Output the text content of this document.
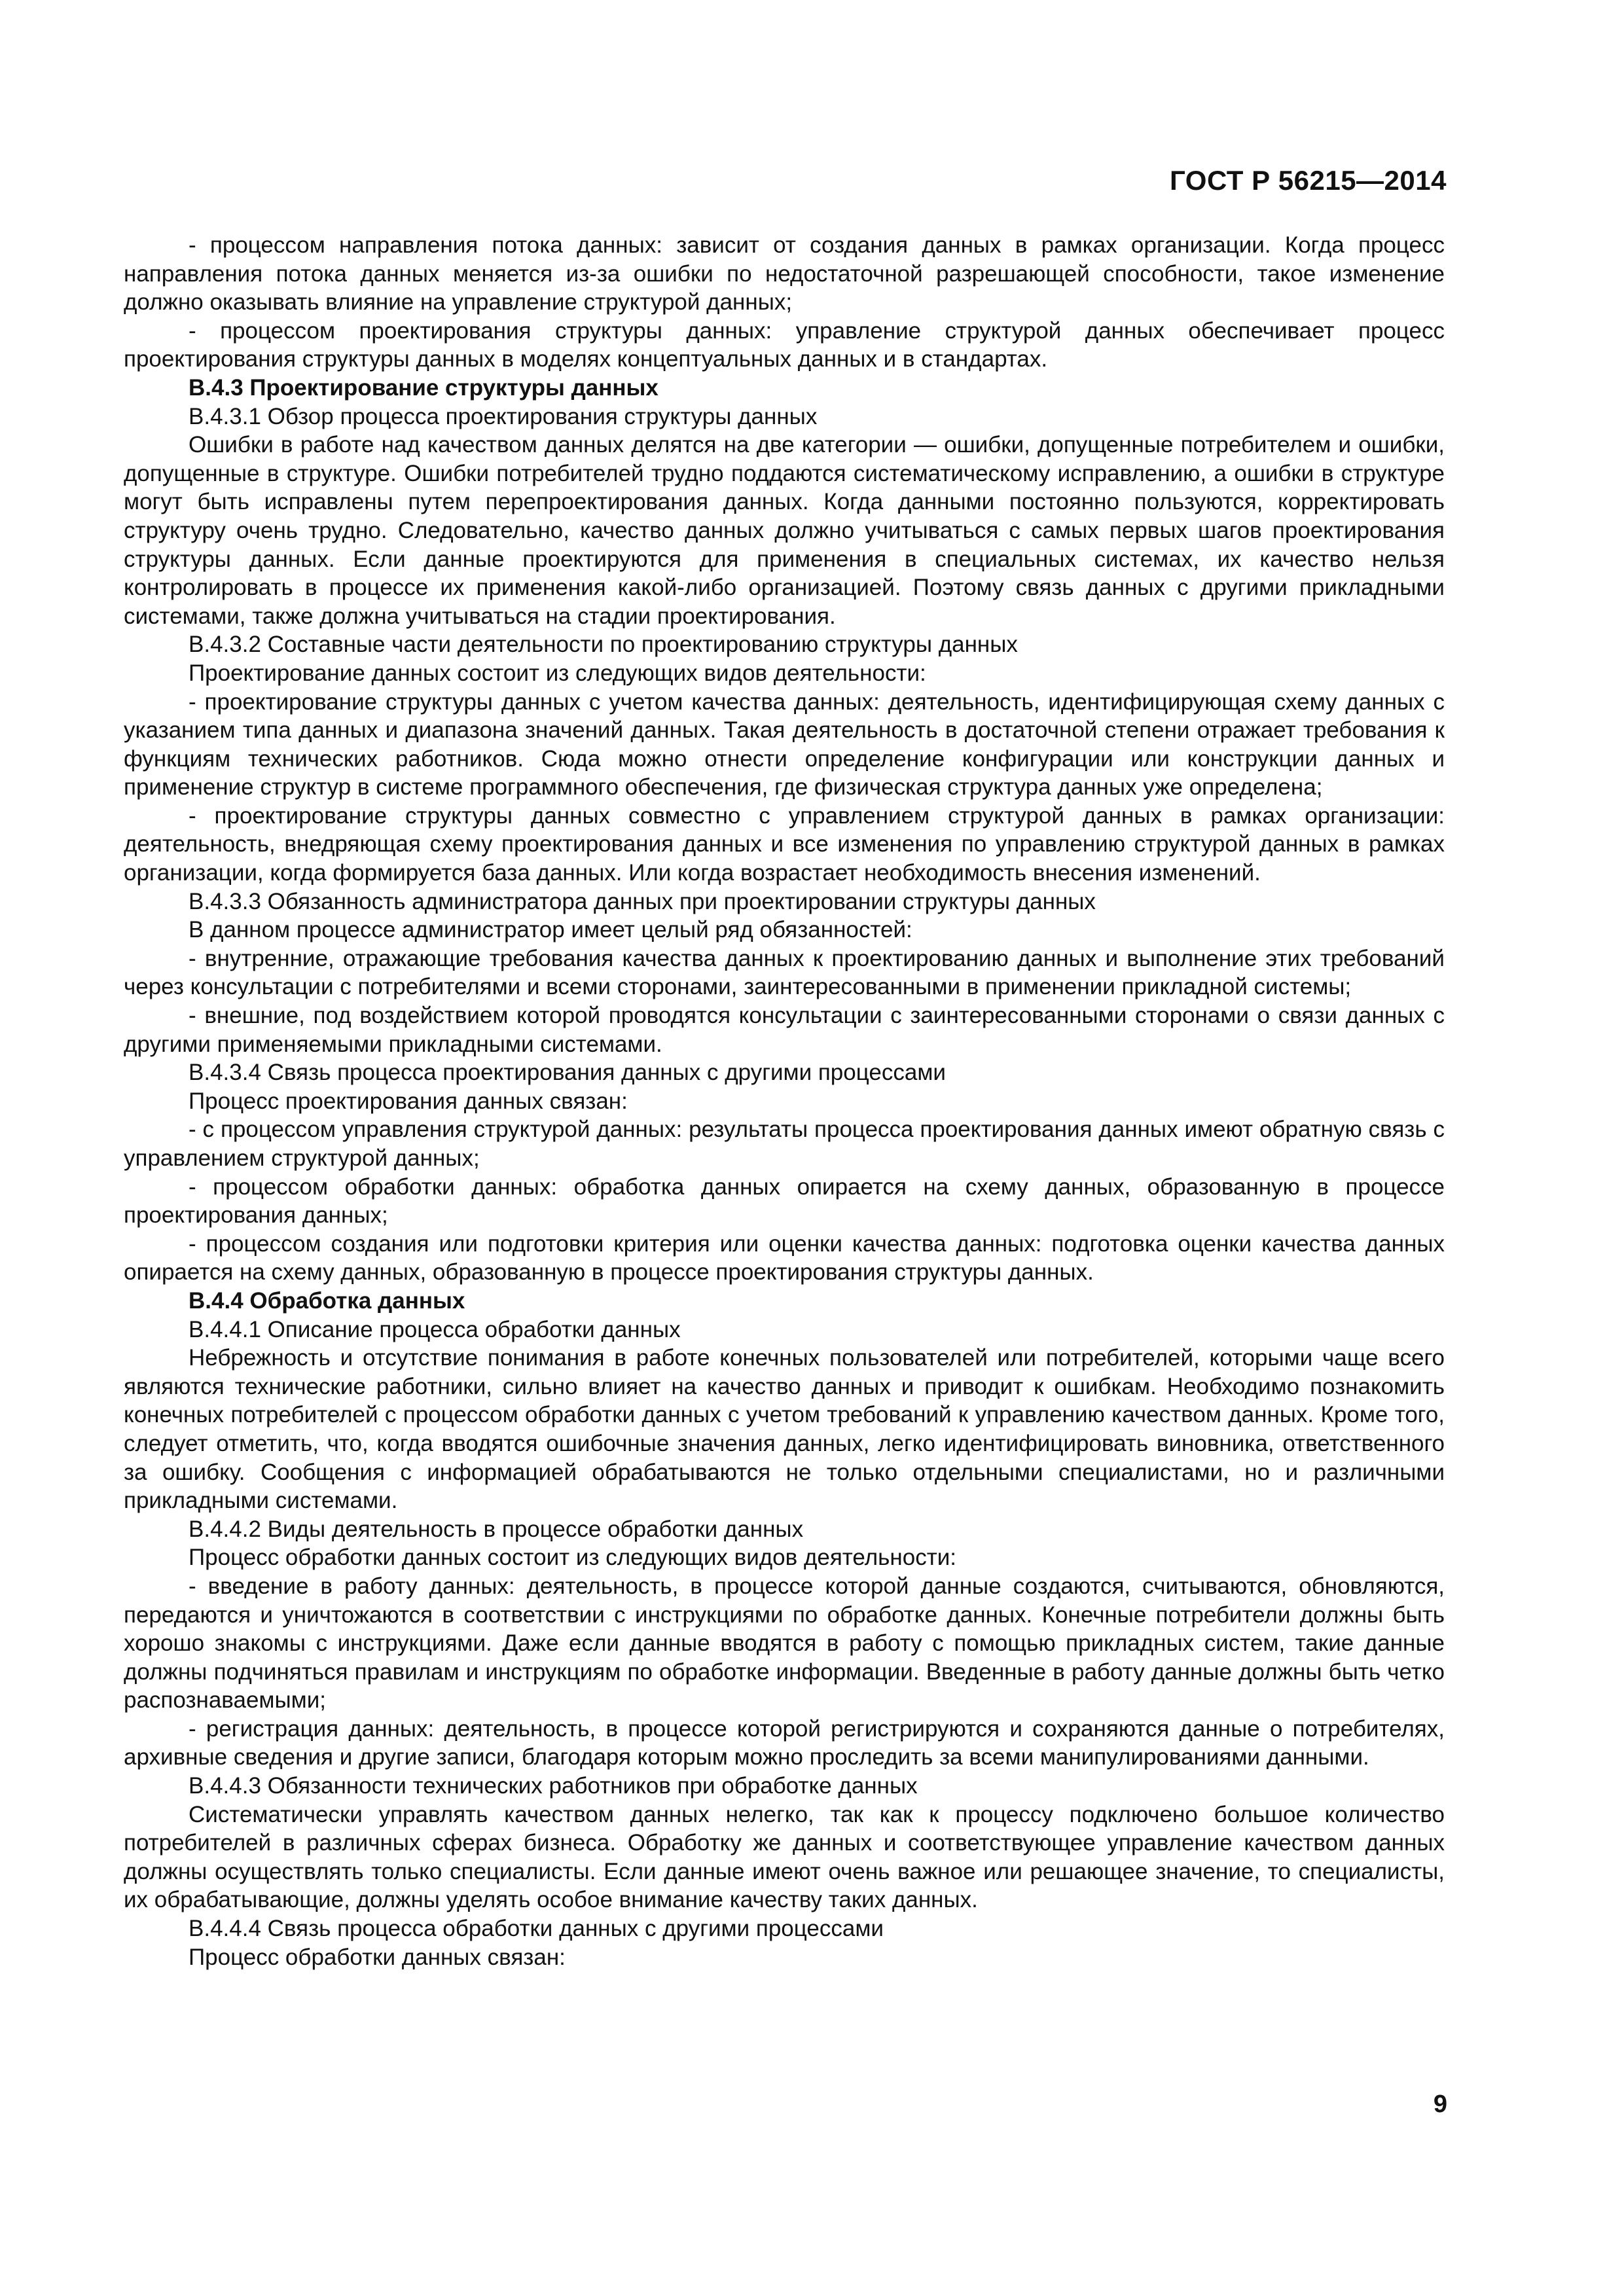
ГОСТ Р 56215—2014

- процессом направления потока данных: зависит от создания данных в рамках организации. Когда процесс направления потока данных меняется из-за ошибки по недостаточной разрешающей способности, такое изменение должно оказывать влияние на управление структурой данных;

- процессом проектирования структуры данных: управление структурой данных обеспечивает процесс проектирования структуры данных в моделях концептуальных данных и в стандартах.

В.4.3 Проектирование структуры данных

В.4.3.1 Обзор процесса проектирования структуры данных

Ошибки в работе над качеством данных делятся на две категории — ошибки, допущенные потребителем и ошибки, допущенные в структуре. Ошибки потребителей трудно поддаются систематическому исправлению, а ошибки в структуре могут быть исправлены путем перепроектирования данных. Когда данными постоянно пользуются, корректировать структуру очень трудно. Следовательно, качество данных должно учитываться с самых первых шагов проектирования структуры данных. Если данные проектируются для применения в специальных системах, их качество нельзя контролировать в процессе их применения какой-либо организацией. Поэтому связь данных с другими прикладными системами, также должна учитываться на стадии проектирования.

В.4.3.2 Составные части деятельности по проектированию структуры данных

Проектирование данных состоит из следующих видов деятельности:

- проектирование структуры данных с учетом качества данных: деятельность, идентифицирующая схему данных с указанием типа данных и диапазона значений данных. Такая деятельность в достаточной степени отражает требования к функциям технических работников. Сюда можно отнести определение конфигурации или конструкции данных и применение структур в системе программного обеспечения, где физическая структура данных уже определена;

- проектирование структуры данных совместно с управлением структурой данных в рамках организации: деятельность, внедряющая схему проектирования данных и все изменения по управлению структурой данных в рамках организации, когда формируется база данных. Или когда возрастает необходимость внесения изменений.

В.4.3.3 Обязанность администратора данных при проектировании структуры данных

В данном процессе администратор имеет целый ряд обязанностей:

- внутренние, отражающие требования качества данных к проектированию данных и выполнение этих требований через консультации с потребителями и всеми сторонами, заинтересованными в применении прикладной системы;

- внешние, под воздействием которой проводятся консультации с заинтересованными сторонами о связи данных с другими применяемыми прикладными системами.

В.4.3.4 Связь процесса проектирования данных с другими процессами

Процесс проектирования данных связан:

- с процессом управления структурой данных: результаты процесса проектирования данных имеют обратную связь с управлением структурой данных;

- процессом обработки данных: обработка данных опирается на схему данных, образованную в процессе проектирования данных;

- процессом создания или подготовки критерия или оценки качества данных: подготовка оценки качества данных опирается на схему данных, образованную в процессе проектирования структуры данных.

В.4.4 Обработка данных

В.4.4.1 Описание процесса обработки данных

Небрежность и отсутствие понимания в работе конечных пользователей или потребителей, которыми чаще всего являются технические работники, сильно влияет на качество данных и приводит к ошибкам. Необходимо познакомить конечных потребителей с процессом обработки данных с учетом требований к управлению качеством данных. Кроме того, следует отметить, что, когда вводятся ошибочные значения данных, легко идентифицировать виновника, ответственного за ошибку. Сообщения с информацией обрабатываются не только отдельными специалистами, но и различными прикладными системами.

В.4.4.2 Виды деятельность в процессе обработки данных

Процесс обработки данных состоит из следующих видов деятельности:

- введение в работу данных: деятельность, в процессе которой данные создаются, считываются, обновляются, передаются и уничтожаются в соответствии с инструкциями по обработке данных. Конечные потребители должны быть хорошо знакомы с инструкциями. Даже если данные вводятся в работу с помощью прикладных систем, такие данные должны подчиняться правилам и инструкциям по обработке информации. Введенные в работу данные должны быть четко распознаваемыми;

- регистрация данных: деятельность, в процессе которой регистрируются и сохраняются данные о потребителях, архивные сведения и другие записи, благодаря которым можно проследить за всеми манипулированиями данными.

В.4.4.3 Обязанности технических работников при обработке данных

Систематически управлять качеством данных нелегко, так как к процессу подключено большое количество потребителей в различных сферах бизнеса. Обработку же данных и соответствующее управление качеством данных должны осуществлять только специалисты. Если данные имеют очень важное или решающее значение, то специалисты, их обрабатывающие, должны уделять особое внимание качеству таких данных.

В.4.4.4 Связь процесса обработки данных с другими процессами

Процесс обработки данных связан:

9
